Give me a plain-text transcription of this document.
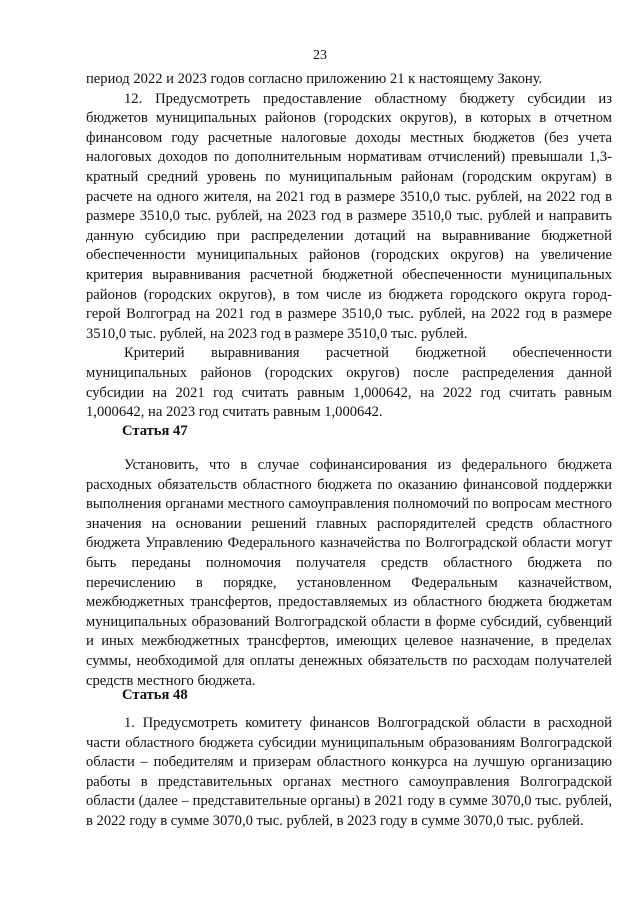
23

период 2022 и 2023 годов согласно приложению 21 к настоящему Закону.

12. Предусмотреть предоставление областному бюджету субсидии из бюджетов муниципальных районов (городских округов), в которых в отчетном финансовом году расчетные налоговые доходы местных бюджетов (без учета налоговых доходов по дополнительным нормативам отчислений) превышали 1,3-кратный средний уровень по муниципальным районам (городским округам) в расчете на одного жителя, на 2021 год в размере 3510,0 тыс. рублей, на 2022 год в размере 3510,0 тыс. рублей, на 2023 год в размере 3510,0 тыс. рублей и направить данную субсидию при распределении дотаций на выравнивание бюджетной обеспеченности муниципальных районов (городских округов) на увеличение критерия выравнивания расчетной бюджетной обеспеченности муниципальных районов (городских округов), в том числе из бюджета городского округа город-герой Волгоград на 2021 год в размере 3510,0 тыс. рублей, на 2022 год в размере 3510,0 тыс. рублей, на 2023 год в размере 3510,0 тыс. рублей.

Критерий выравнивания расчетной бюджетной обеспеченности муниципальных районов (городских округов) после распределения данной субсидии на 2021 год считать равным 1,000642, на 2022 год считать равным 1,000642, на 2023 год считать равным 1,000642.

Статья 47

Установить, что в случае софинансирования из федерального бюджета расходных обязательств областного бюджета по оказанию финансовой поддержки выполнения органами местного самоуправления полномочий по вопросам местного значения на основании решений главных распорядителей средств областного бюджета Управлению Федерального казначейства по Волгоградской области могут быть переданы полномочия получателя средств областного бюджета по перечислению в порядке, установленном Федеральным казначейством, межбюджетных трансфертов, предоставляемых из областного бюджета бюджетам муниципальных образований Волгоградской области в форме субсидий, субвенций и иных межбюджетных трансфертов, имеющих целевое назначение, в пределах суммы, необходимой для оплаты денежных обязательств по расходам получателей средств местного бюджета.

Статья 48

1. Предусмотреть комитету финансов Волгоградской области в расходной части областного бюджета субсидии муниципальным образованиям Волгоградской области – победителям и призерам областного конкурса на лучшую организацию работы в представительных органах местного самоуправления Волгоградской области (далее – представительные органы) в 2021 году в сумме 3070,0 тыс. рублей, в 2022 году в сумме 3070,0 тыс. рублей, в 2023 году в сумме 3070,0 тыс. рублей.
